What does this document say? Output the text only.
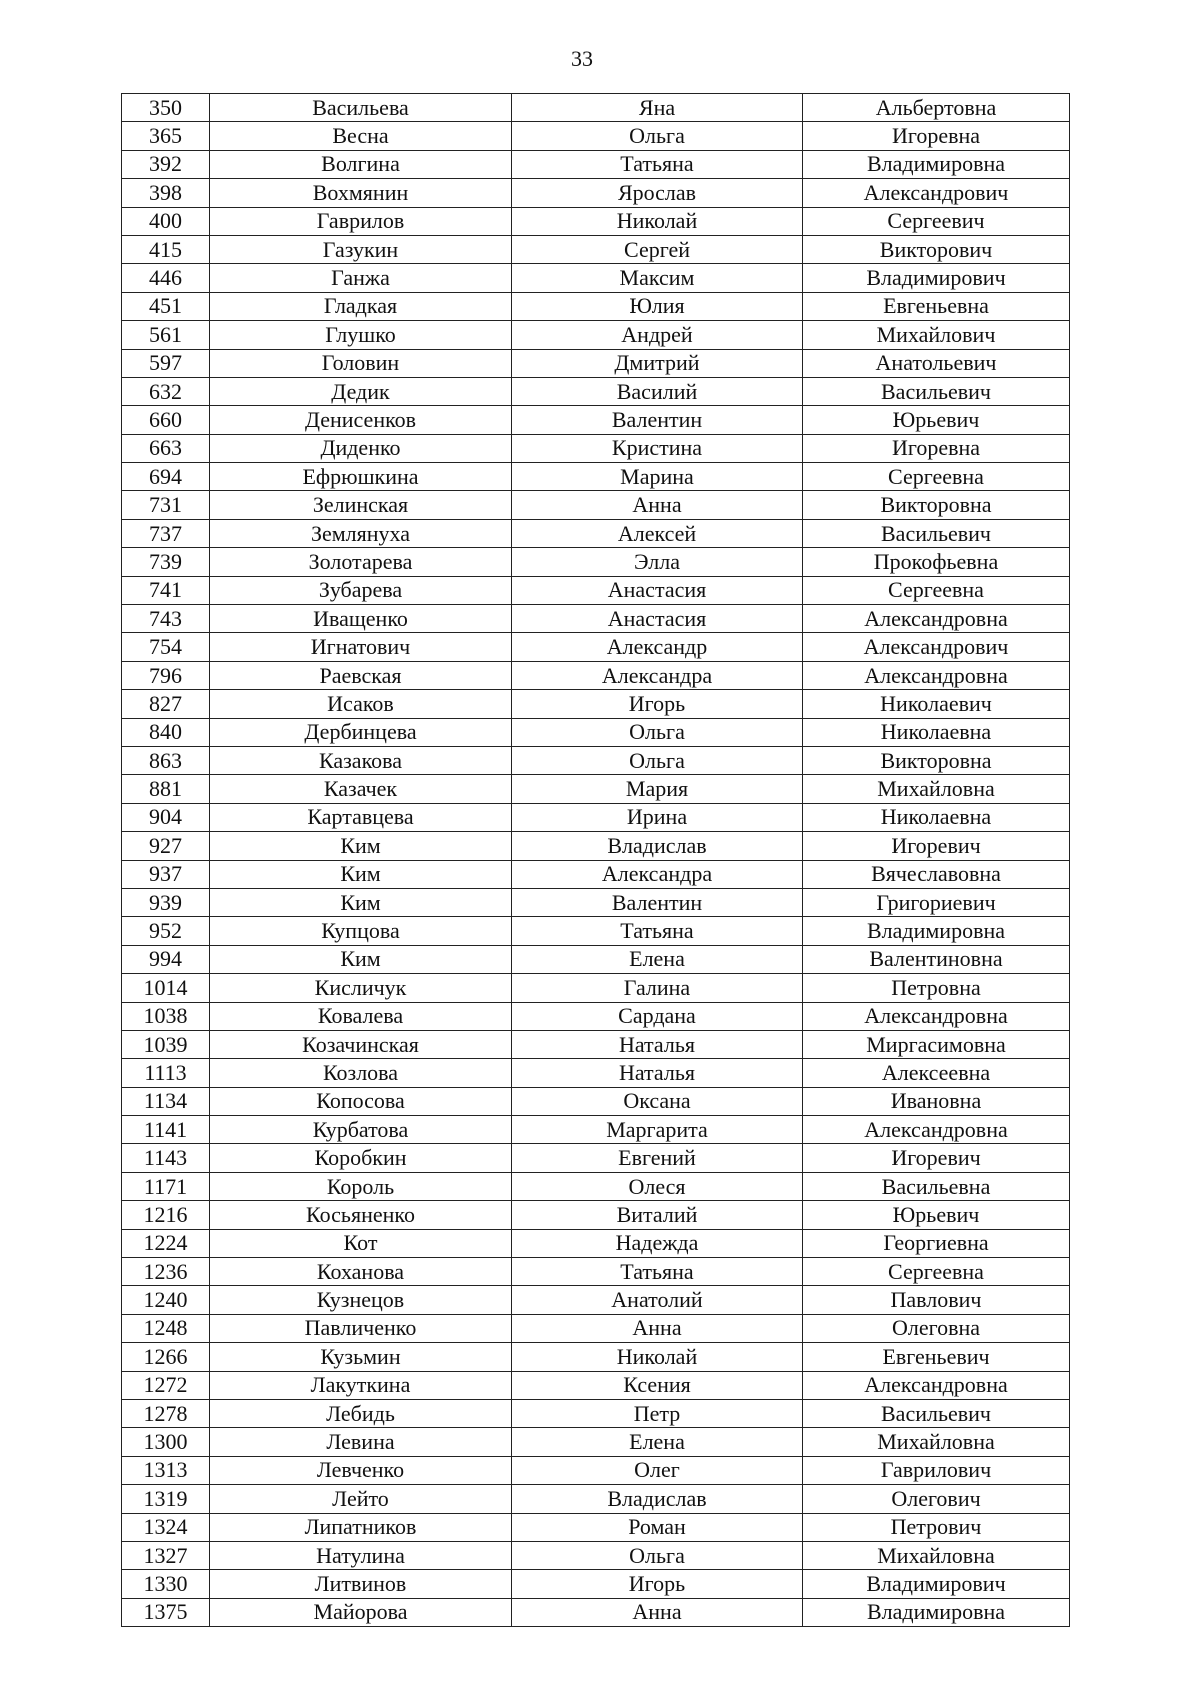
33
350	Васильева	Яна	Альбертовна
365	Весна	Ольга	Игоревна
392	Волгина	Татьяна	Владимировна
398	Вохмянин	Ярослав	Александрович
400	Гаврилов	Николай	Сергеевич
415	Газукин	Сергей	Викторович
446	Ганжа	Максим	Владимирович
451	Гладкая	Юлия	Евгеньевна
561	Глушко	Андрей	Михайлович
597	Головин	Дмитрий	Анатольевич
632	Дедик	Василий	Васильевич
660	Денисенков	Валентин	Юрьевич
663	Диденко	Кристина	Игоревна
694	Ефрюшкина	Марина	Сергеевна
731	Зелинская	Анна	Викторовна
737	Землянуха	Алексей	Васильевич
739	Золотарева	Элла	Прокофьевна
741	Зубарева	Анастасия	Сергеевна
743	Иващенко	Анастасия	Александровна
754	Игнатович	Александр	Александрович
796	Раевская	Александра	Александровна
827	Исаков	Игорь	Николаевич
840	Дербинцева	Ольга	Николаевна
863	Казакова	Ольга	Викторовна
881	Казачек	Мария	Михайловна
904	Картавцева	Ирина	Николаевна
927	Ким	Владислав	Игоревич
937	Ким	Александра	Вячеславовна
939	Ким	Валентин	Григориевич
952	Купцова	Татьяна	Владимировна
994	Ким	Елена	Валентиновна
1014	Кисличук	Галина	Петровна
1038	Ковалева	Сардана	Александровна
1039	Козачинская	Наталья	Миргасимовна
1113	Козлова	Наталья	Алексеевна
1134	Копосова	Оксана	Ивановна
1141	Курбатова	Маргарита	Александровна
1143	Коробкин	Евгений	Игоревич
1171	Король	Олеся	Васильевна
1216	Косьяненко	Виталий	Юрьевич
1224	Кот	Надежда	Георгиевна
1236	Коханова	Татьяна	Сергеевна
1240	Кузнецов	Анатолий	Павлович
1248	Павличенко	Анна	Олеговна
1266	Кузьмин	Николай	Евгеньевич
1272	Лакуткина	Ксения	Александровна
1278	Лебидь	Петр	Васильевич
1300	Левина	Елена	Михайловна
1313	Левченко	Олег	Гаврилович
1319	Лейто	Владислав	Олегович
1324	Липатников	Роман	Петрович
1327	Натулина	Ольга	Михайловна
1330	Литвинов	Игорь	Владимирович
1375	Майорова	Анна	Владимировна
